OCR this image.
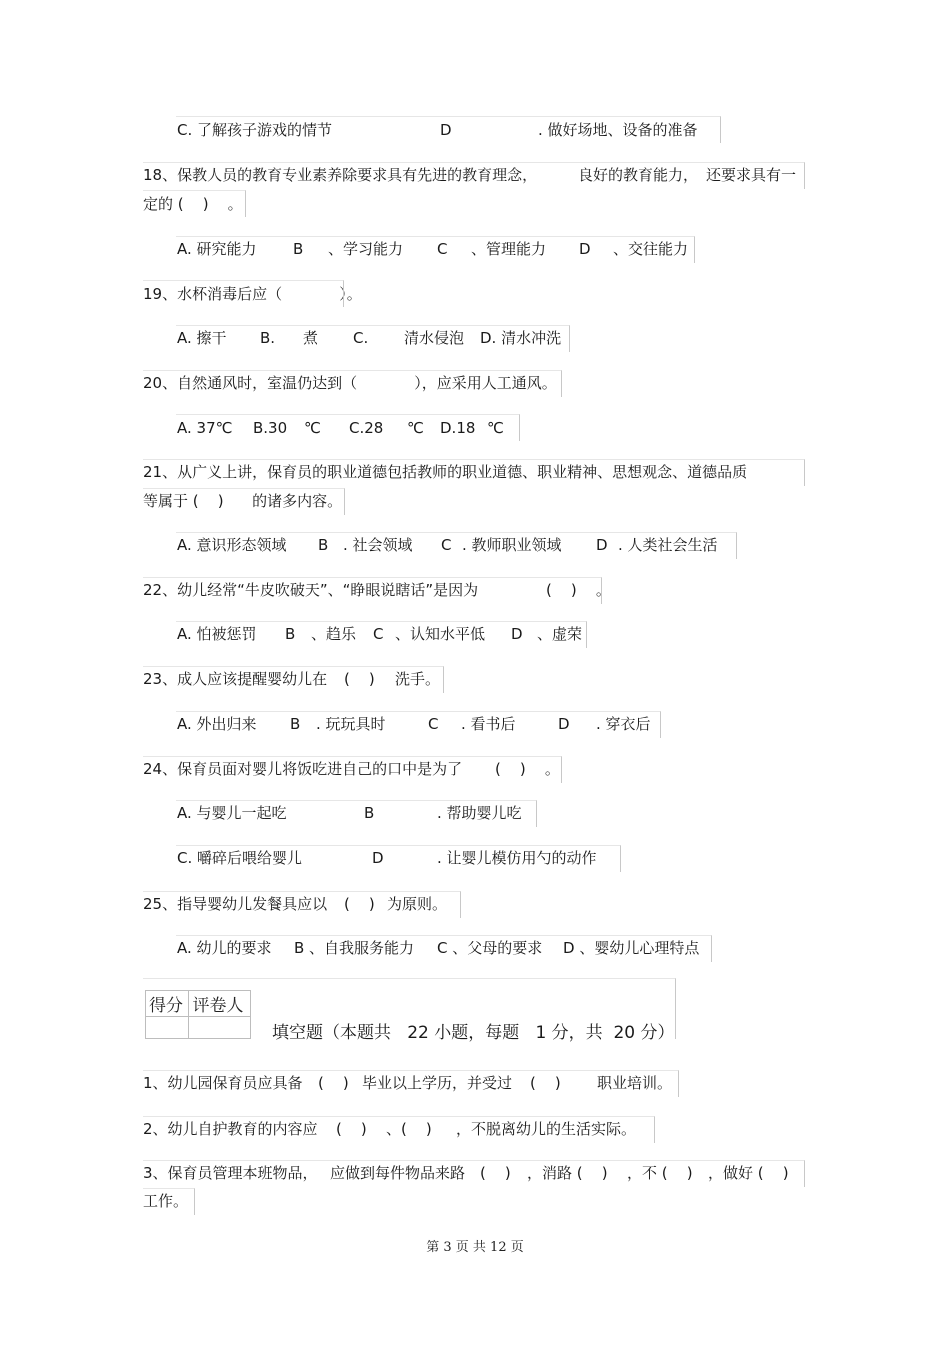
C. 了解孩子游戏的情节	D	. 做好场地、设备的准备
18、保教人员的教育专业素养除要求具有先进的教育理念，	良好的教育能力， 还要求具有一
定的 (    )    。
A. 研究能力 B 、学习能力 C 、管理能力 D 、交往能力
19、水杯消毒后应（            ）。
A. 擦干 B. 煮 C. 清水侵泡 D. 清水冲洗
20、自然通风时，室温仍达到（            ），应采用人工通风。
A. 37℃ B.30 ℃ C.28 ℃ D.18 ℃
21、从广义上讲，保育员的职业道德包括教师的职业道德、职业精神、思想观念、道德品质
等属于 (    )      的诸多内容。
A. 意识形态领域 B . 社会领域 C . 教师职业领域 D . 人类社会生活
22、幼儿经常“牛皮吹破天”、“睁眼说瞎话”是因为	(    )    。
A. 怕被惩罚 B 、趋乐 C 、认知水平低 D 、虚荣
23、成人应该提醒婴幼儿在 (    ) 洗手。
A. 外出归来 B . 玩玩具时	C . 看书后	D . 穿衣后
24、保育员面对婴儿将饭吃进自己的口中是为了 (    )    。
A. 与婴儿一起吃	B	. 帮助婴儿吃
C. 嚼碎后喂给婴儿	D	. 让婴儿模仿用勺的动作
25、指导婴幼儿发餐具应以 (    ) 为原则。
A. 幼儿的要求 B 、自我服务能力 C 、父母的要求 D 、婴幼儿心理特点
得分	评卷人

填空题（本题共   22 小题，每题   1 分，共  20 分）
1、幼儿园保育员应具备 (    ) 毕业以上学历，并受过 (    ) 职业培训。
2、幼儿自护教育的内容应 (    ) 、(    ) ，不脱离幼儿的生活实际。
3、保育员管理本班物品， 应做到每件物品来路 (    ) ，消路 (    ) ，不 (    ) ，做好 (    )
工作。
第 3 页 共 12 页
